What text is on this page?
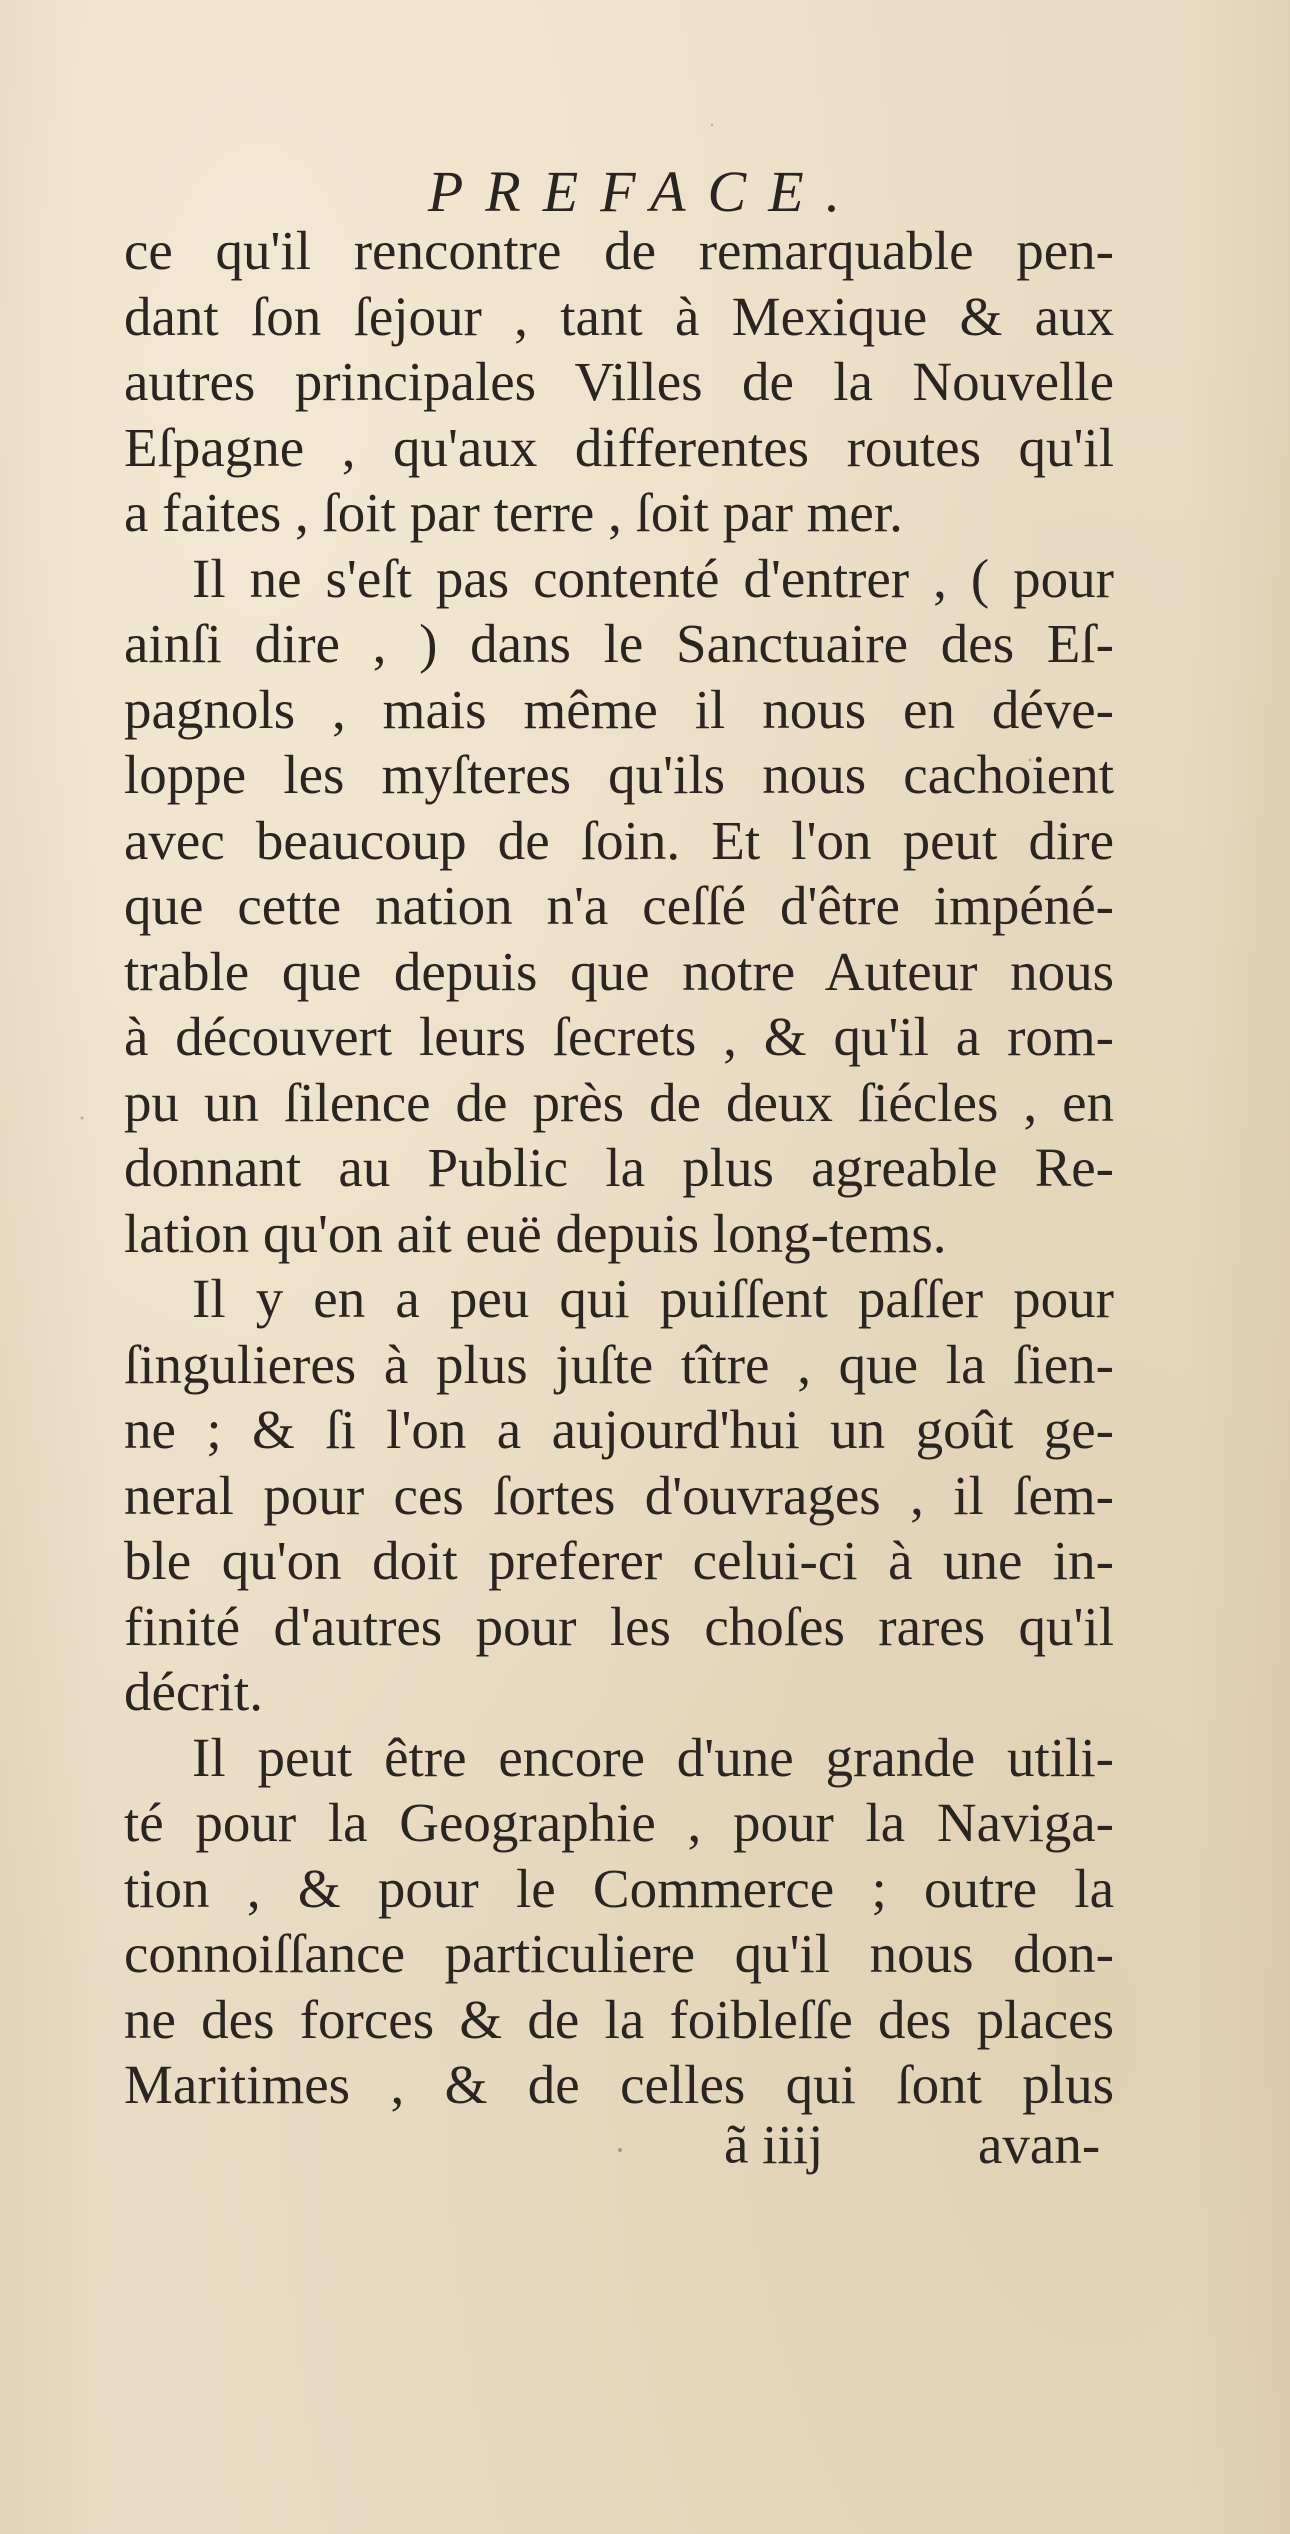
PREFACE.
ce qu'il rencontre de remarquable pen-
dant ſon ſejour , tant à Mexique & aux
autres principales Villes de la Nouvelle
Eſpagne , qu'aux differentes routes qu'il
a faites , ſoit par terre , ſoit par mer.
Il ne s'eſt pas contenté d'entrer , ( pour
ainſi dire , ) dans le Sanctuaire des Eſ-
pagnols , mais même il nous en déve-
loppe les myſteres qu'ils nous cachoient
avec beaucoup de ſoin. Et l'on peut dire
que cette nation n'a ceſſé d'être impéné-
trable que depuis que notre Auteur nous
à découvert leurs ſecrets , & qu'il a rom-
pu un ſilence de près de deux ſiécles , en
donnant au Public la plus agreable Re-
lation qu'on ait euë depuis long-tems.
Il y en a peu qui puiſſent paſſer pour
ſingulieres à plus juſte tître , que la ſien-
ne ; & ſi l'on a aujourd'hui un goût ge-
neral pour ces ſortes d'ouvrages , il ſem-
ble qu'on doit preferer celui-ci à une in-
finité d'autres pour les choſes rares qu'il
décrit.
Il peut être encore d'une grande utili-
té pour la Geographie , pour la Naviga-
tion , & pour le Commerce ; outre la
connoiſſance particuliere qu'il nous don-
ne des forces & de la foibleſſe des places
Maritimes , & de celles qui ſont plus
ã iiij	avan-
